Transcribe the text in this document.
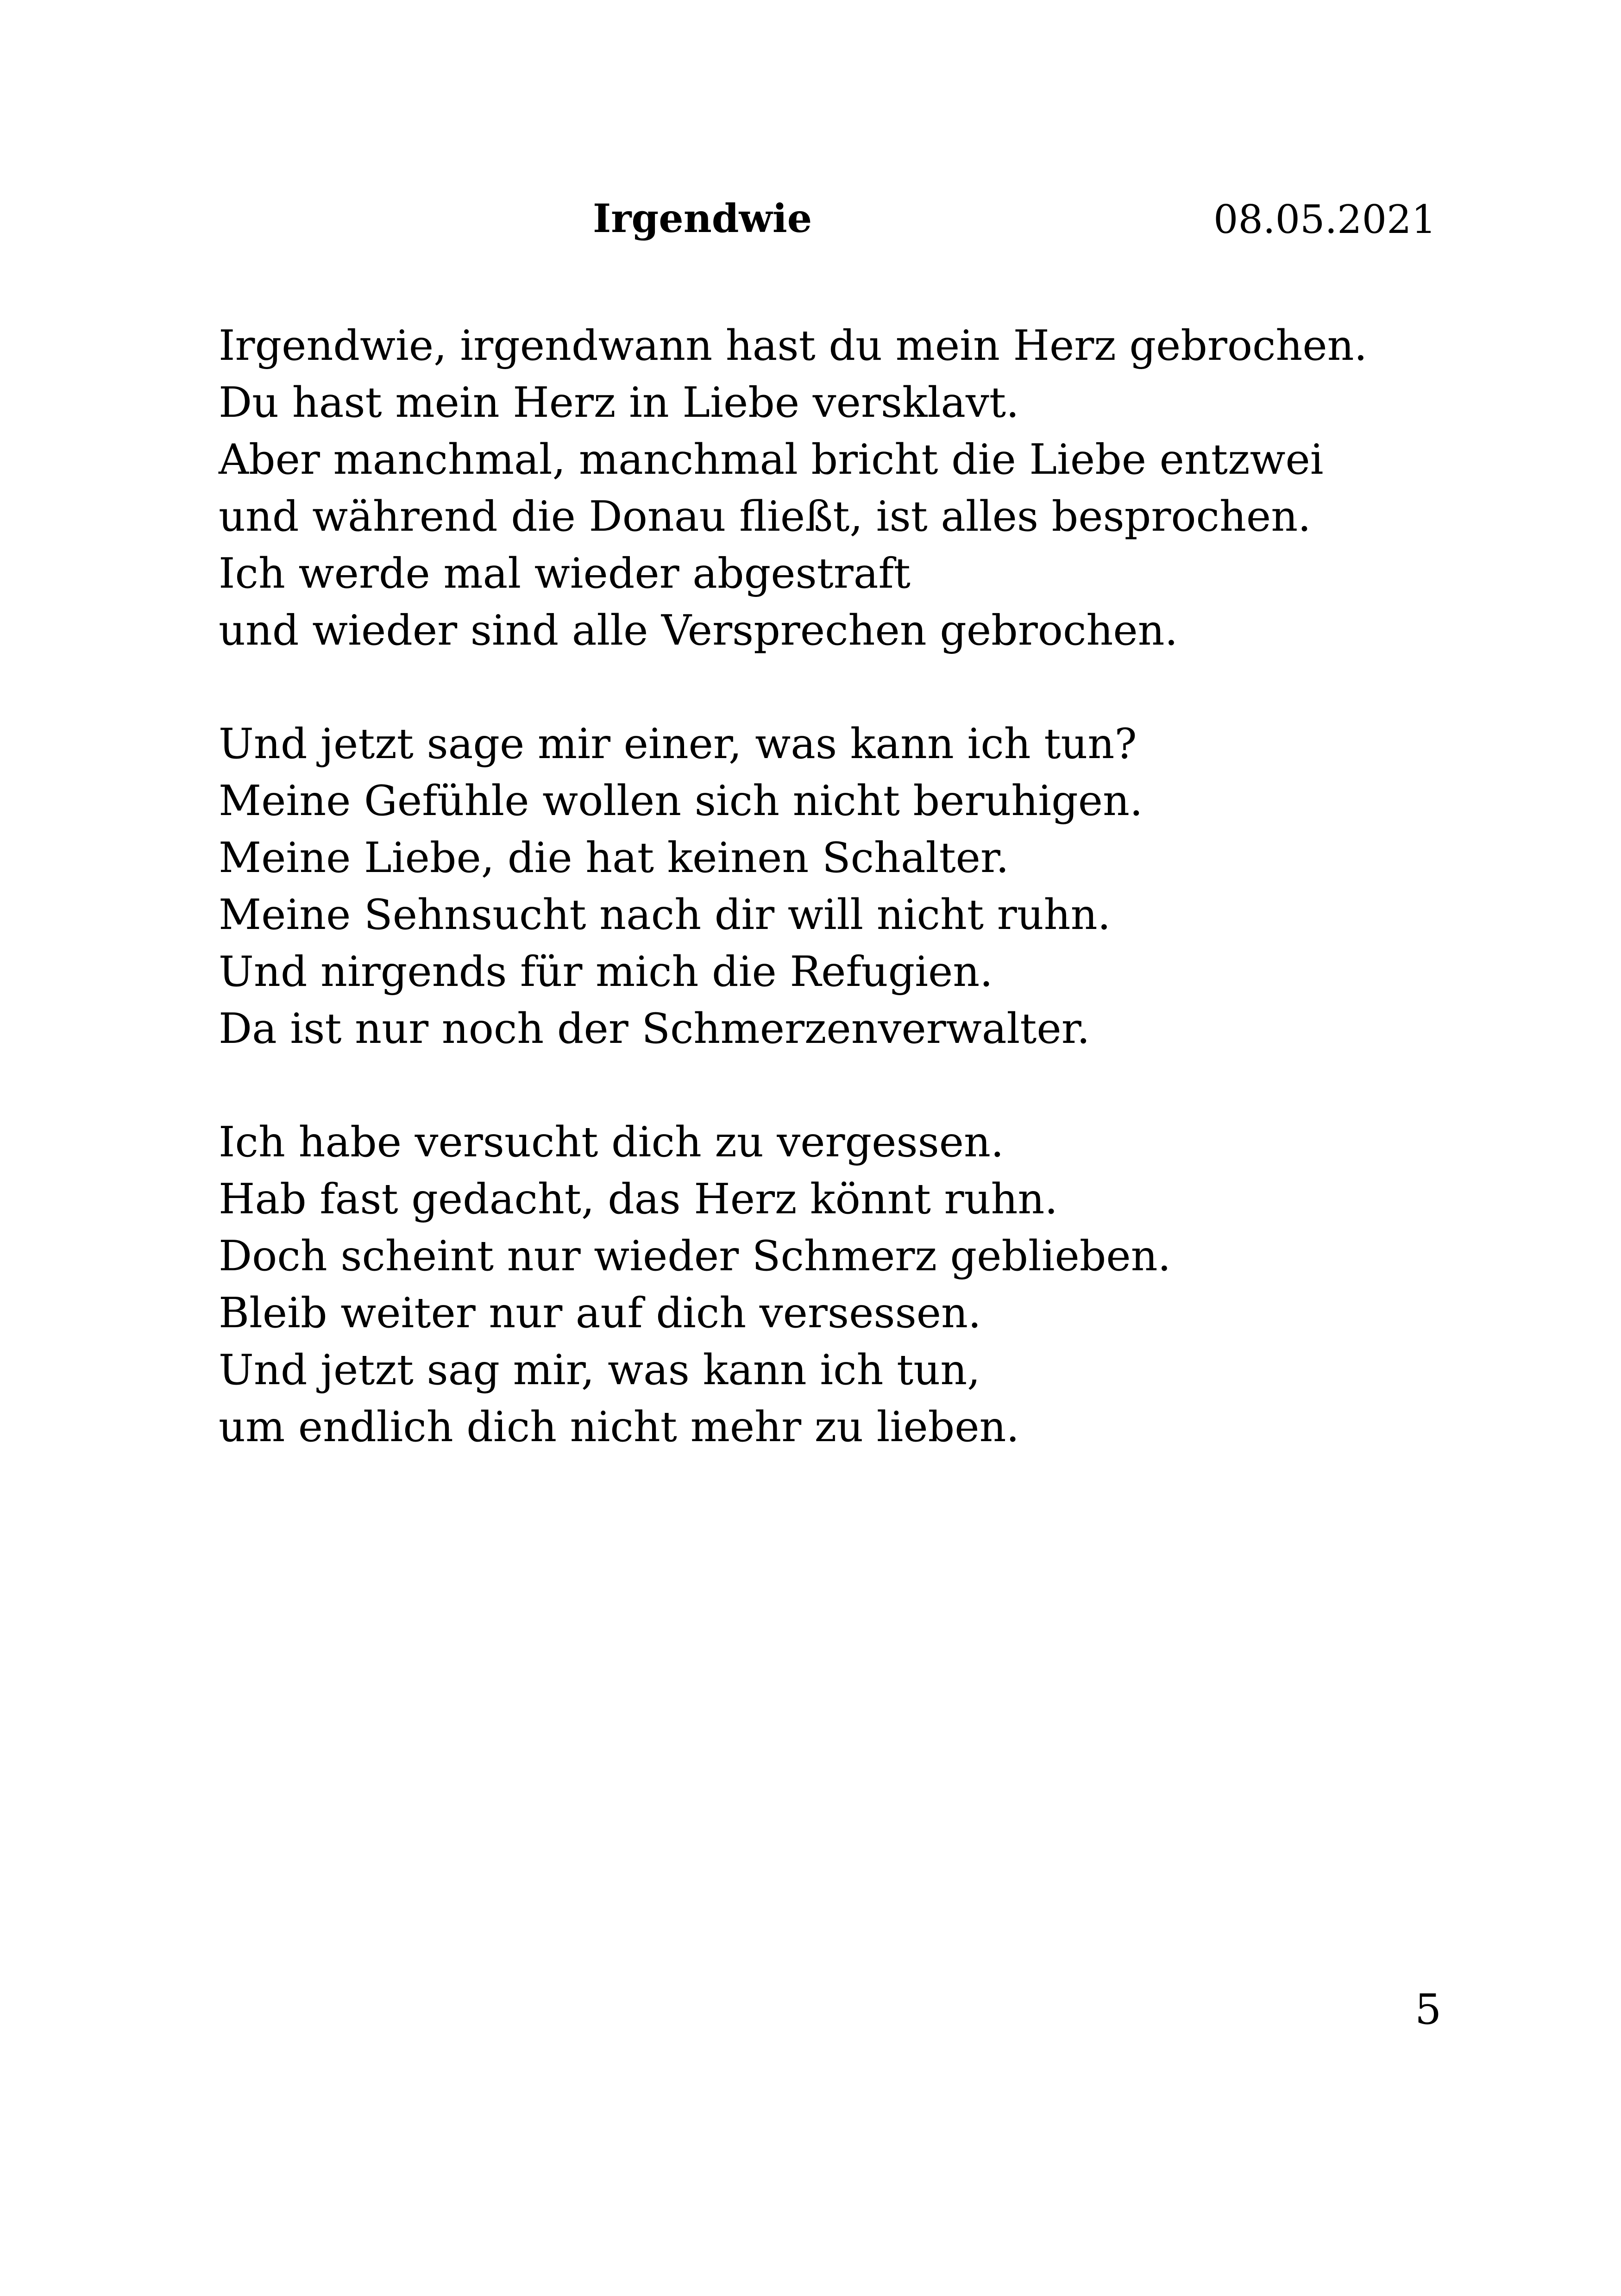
Irgendwie	08.05.2021

Irgendwie, irgendwann hast du mein Herz gebrochen.
Du hast mein Herz in Liebe versklavt.
Aber manchmal, manchmal bricht die Liebe entzwei
und während die Donau fließt, ist alles besprochen.
Ich werde mal wieder abgestraft
und wieder sind alle Versprechen gebrochen.

Und jetzt sage mir einer, was kann ich tun?
Meine Gefühle wollen sich nicht beruhigen.
Meine Liebe, die hat keinen Schalter.
Meine Sehnsucht nach dir will nicht ruhn.
Und nirgends für mich die Refugien.
Da ist nur noch der Schmerzenverwalter.

Ich habe versucht dich zu vergessen.
Hab fast gedacht, das Herz könnt ruhn.
Doch scheint nur wieder Schmerz geblieben.
Bleib weiter nur auf dich versessen.
Und jetzt sag mir, was kann ich tun,
um endlich dich nicht mehr zu lieben.

5
